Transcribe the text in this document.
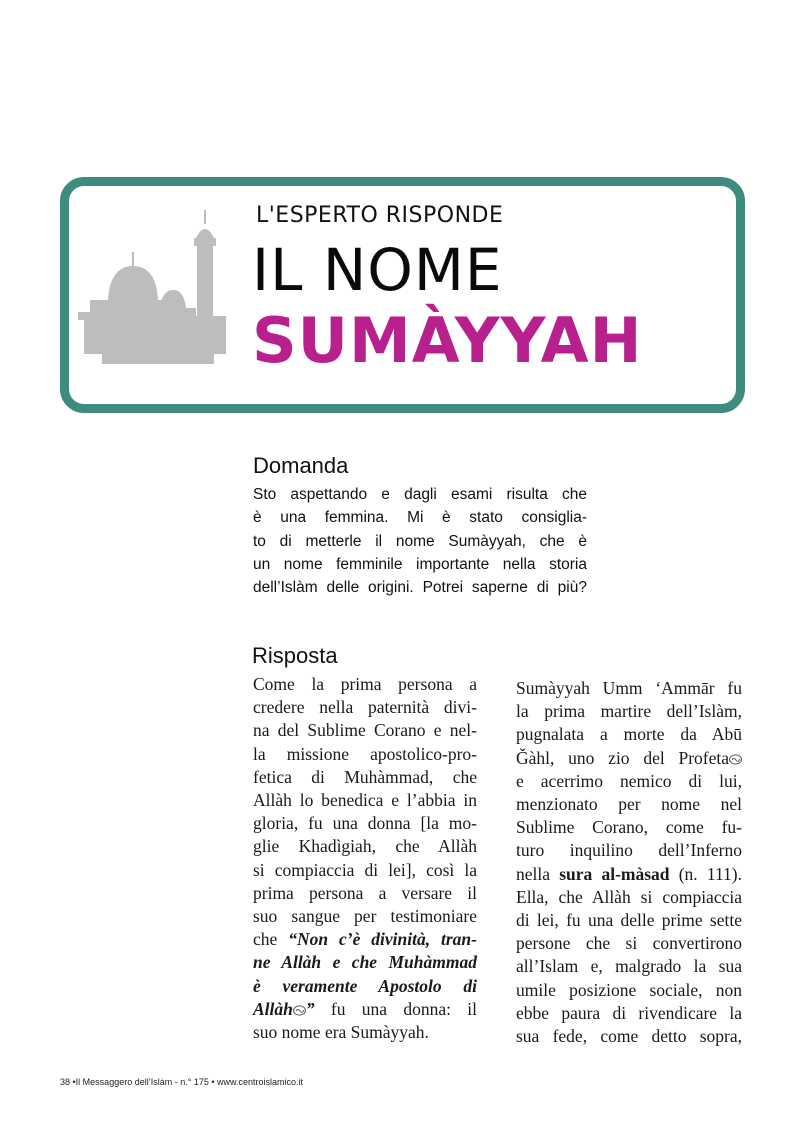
L'ESPERTO RISPONDE
IL NOME
SUMÀYYAH
Domanda
Sto aspettando e dagli esami risulta che
è una femmina. Mi è stato consiglia-
to di metterle il nome Sumàyyah, che è
un nome femminile importante nella storia
dell’Islàm delle origini. Potrei saperne di più?
Risposta
Come la prima persona a
credere nella paternità divi-
na del Sublime Corano e nel-
la missione apostolico-pro-
fetica di Muhàmmad, che
Allàh lo benedica e l’abbia in
gloria, fu una donna [la mo-
glie Khadìgiah, che Allàh
si compiaccia di lei], così la
prima persona a versare il
suo sangue per testimoniare
che “Non c’è divinità, tran-
ne Allàh e che Muhàmmad
è veramente Apostolo di
Allàh ” fu una donna: il
suo nome era Sumàyyah.
Sumàyyah Umm ‘Ammār fu
la prima martire dell’Islàm,
pugnalata a morte da Abū
Ǧàhl, uno zio del Profeta
e acerrimo nemico di lui,
menzionato per nome nel
Sublime Corano, come fu-
turo inquilino dell’Inferno
nella sura al-màsad (n. 111).
Ella, che Allàh si compiaccia
di lei, fu una delle prime sette
persone che si convertirono
all’Islam e, malgrado la sua
umile posizione sociale, non
ebbe paura di rivendicare la
sua fede, come detto sopra,
38 •Il Messaggero dell’Islàm - n.° 175 • www.centroislamico.it
